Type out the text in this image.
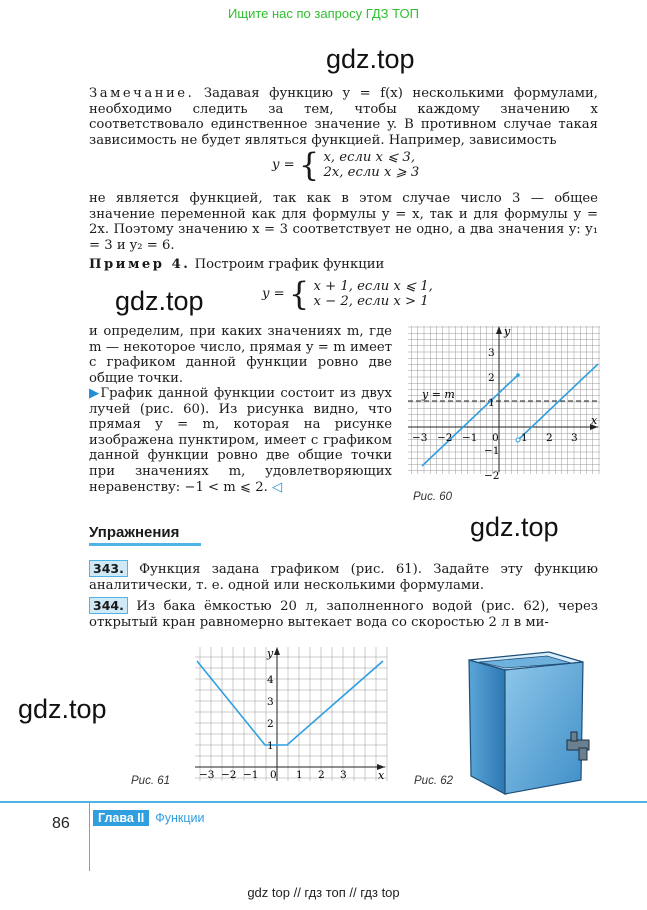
Ищите нас по запросу ГДЗ ТОП
gdz.top

Замечание. Задавая функцию y = f(x) несколькими формулами, необходимо следить за тем, чтобы каждому значению x соответствовало единственное значение y. В противном случае такая зависимость не будет являться функцией. Например, зависимость

y = { x, если x ⩽ 3,
2x, если x ⩾ 3
не является функцией, так как в этом случае число 3 — общее значение переменной как для формулы y = x, так и для формулы y = 2x. Поэтому значению x = 3 соответствует не одно, а два значения y: y₁ = 3 и y₂ = 6.
Пример 4. Построим график функции
y = { x + 1, если x ⩽ 1,
x − 2, если x > 1
gdz.top
и определим, при каких значениях m, где m — некоторое число, прямая y = m имеет с графиком данной функции ровно две общие точки.
▶График данной функции состоит из двух лучей (рис. 60). Из рисунка видно, что прямая y = m, которая на рисунке изображена пунктиром, имеет с графиком данной функции ровно две общие точки при значениях m, удовлетворяющих неравенству: −1 < m ⩽ 2. ◁
y = m
x
y
−3 −2 −1 0 1 2 3
3
2
1
−1
−2
Рис. 60
Упражнения	gdz.top
343. Функция задана графиком (рис. 61). Задайте эту функцию аналитически, т. е. одной или несколькими формулами.
344. Из бака ёмкостью 20 л, заполненного водой (рис. 62), через открытый кран равномерно вытекает вода со скоростью 2 л в ми-
gdz.top
x
y
−3 −2 −1 0 1 2 3
4
3
2
1
Рис. 61	Рис. 62
86	Глава II Функции
gdz top // гдз топ // гдз top
